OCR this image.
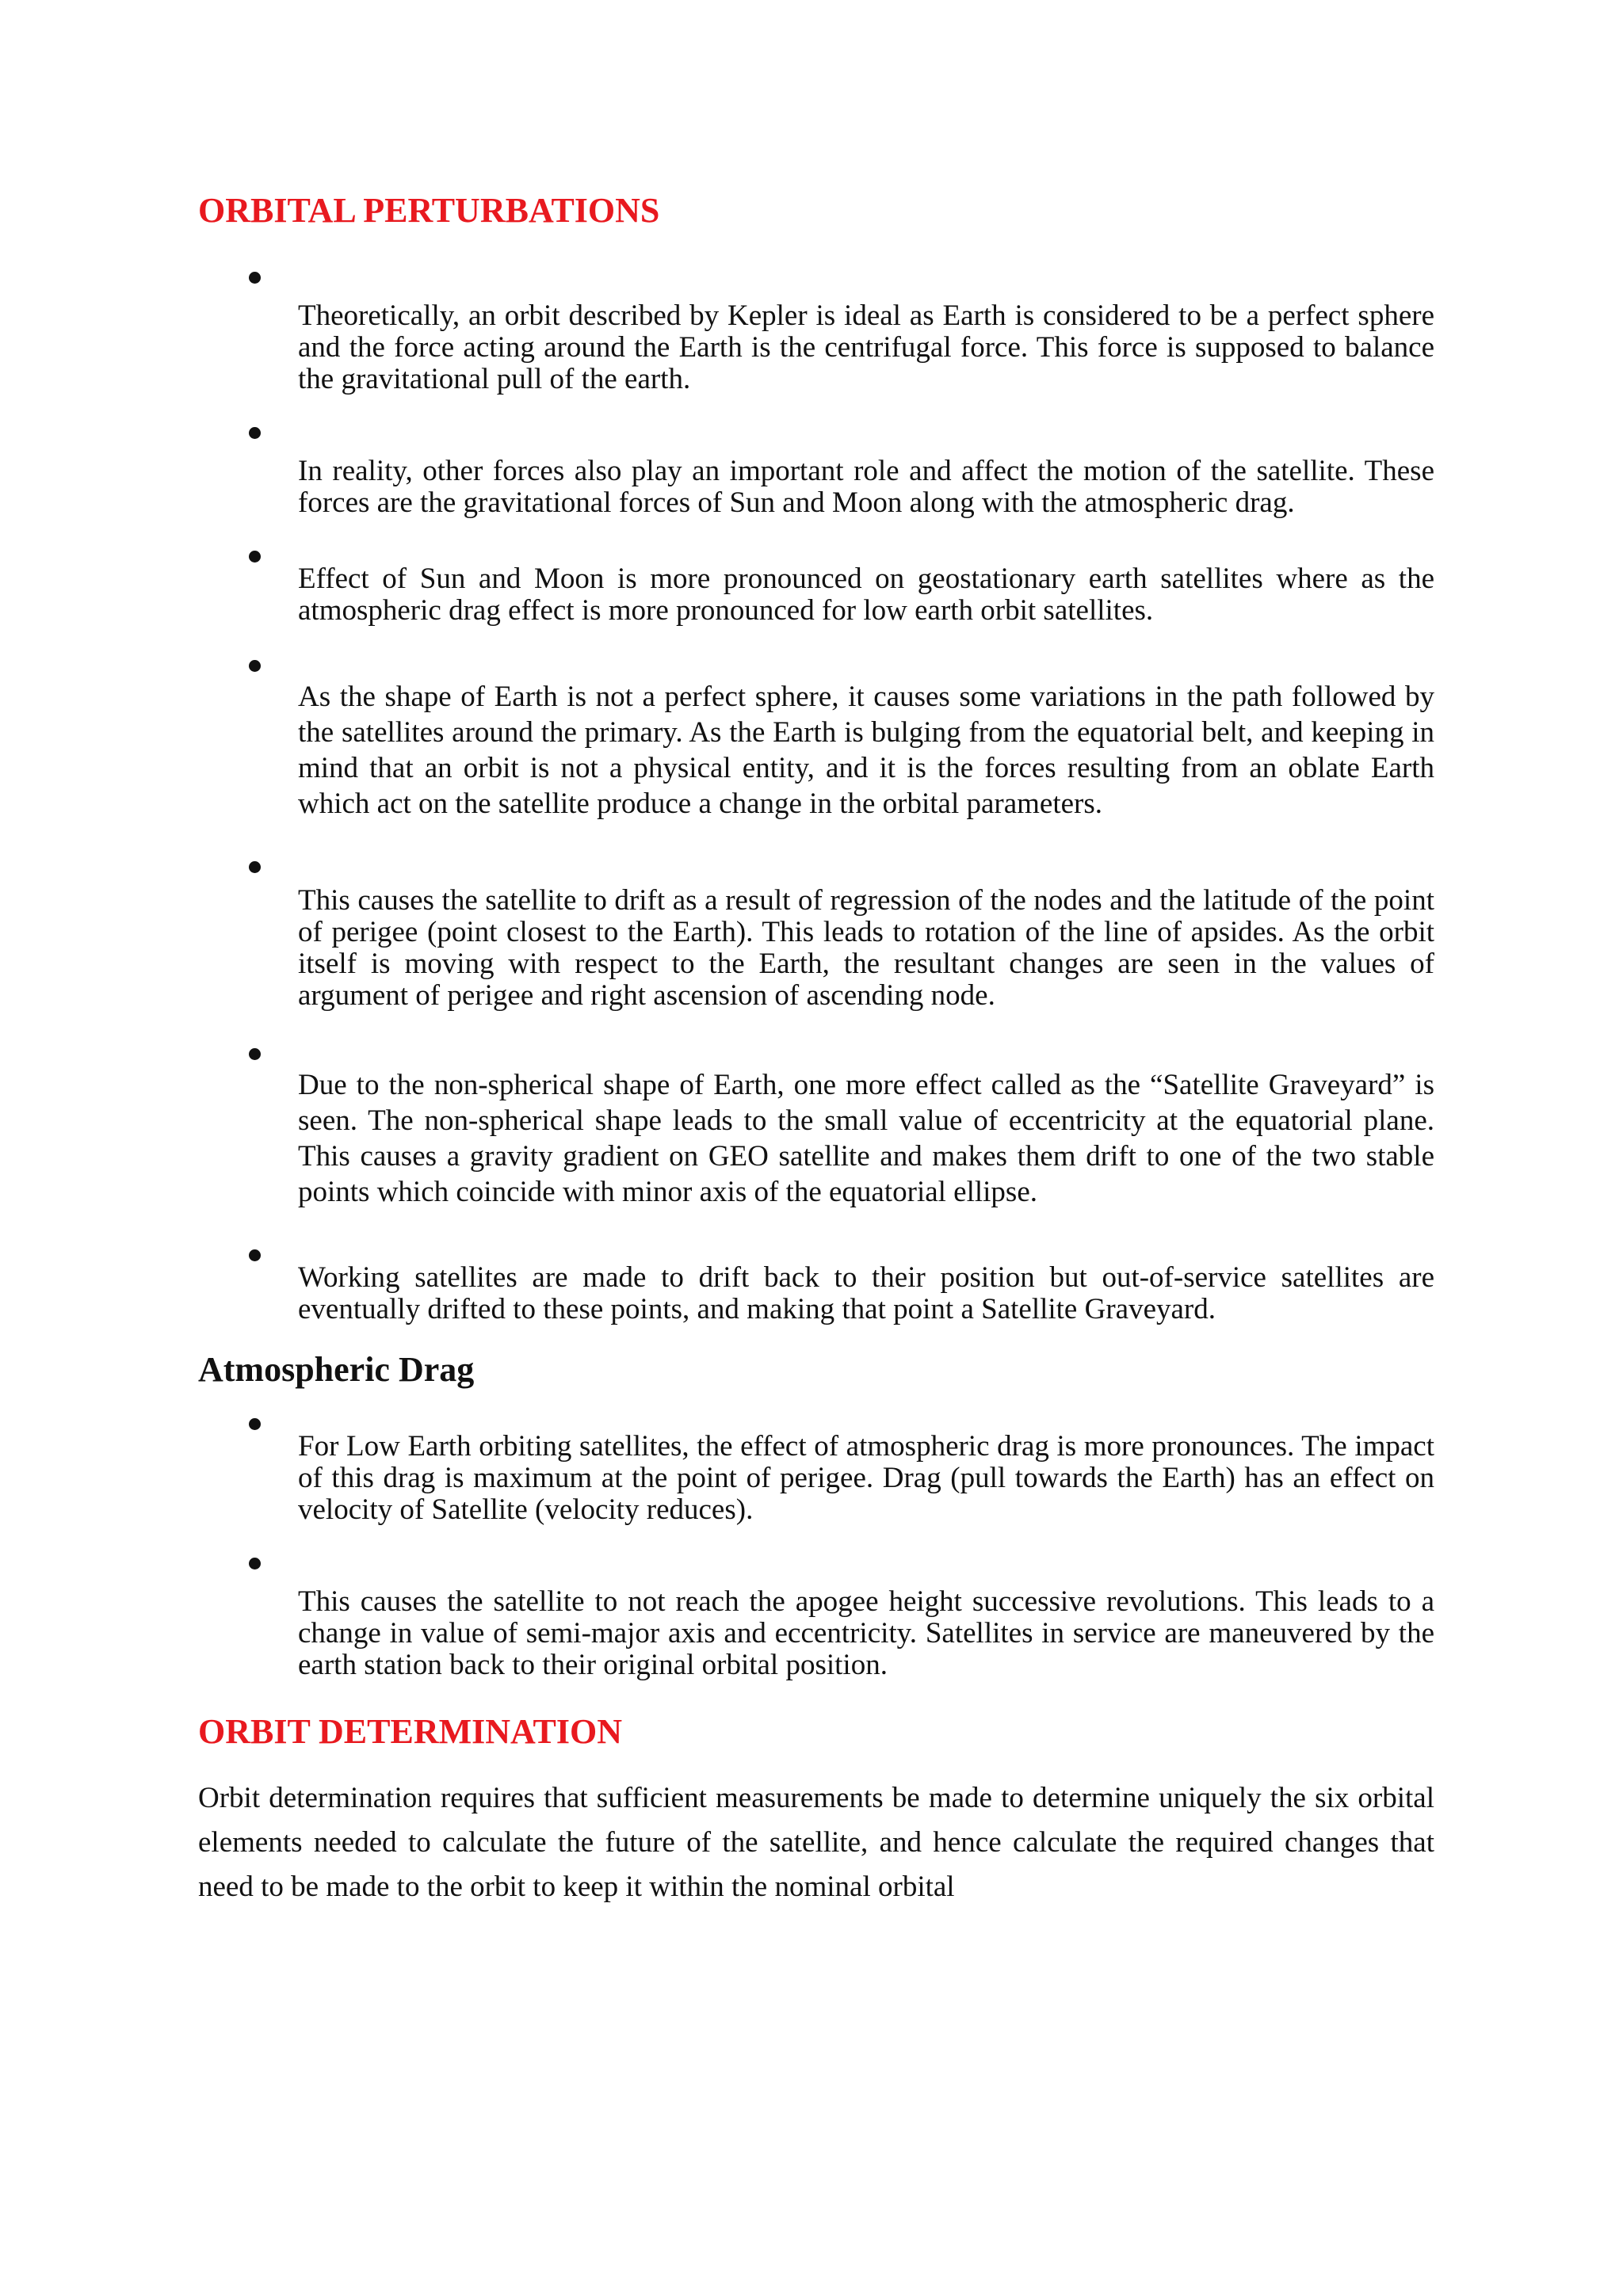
ORBITAL PERTURBATIONS
Theoretically, an orbit described by Kepler is ideal as Earth is considered to be a perfect sphere and the force acting around the Earth is the centrifugal force. This force is supposed to balance the gravitational pull of the earth.
In reality, other forces also play an important role and affect the motion of the satellite. These forces are the gravitational forces of Sun and Moon along with the atmospheric drag.
Effect of Sun and Moon is more pronounced on geostationary earth satellites where as the atmospheric drag effect is more pronounced for low earth orbit satellites.
As the shape of Earth is not a perfect sphere, it causes some variations in the path followed by the satellites around the primary. As the Earth is bulging from the equatorial belt, and keeping in mind that an orbit is not a physical entity, and it is the forces resulting from an oblate Earth which act on the satellite produce a change in the orbital parameters.
This causes the satellite to drift as a result of regression of the nodes and the latitude of the point of perigee (point closest to the Earth). This leads to rotation of the line of apsides. As the orbit itself is moving with respect to the Earth, the resultant changes are seen in the values of argument of perigee and right ascension of ascending node.
Due to the non-spherical shape of Earth, one more effect called as the “Satellite Graveyard” is seen. The non-spherical shape leads to the small value of eccentricity at the equatorial plane. This causes a gravity gradient on GEO satellite and makes them drift to one of the two stable points which coincide with minor axis of the equatorial ellipse.
Working satellites are made to drift back to their position but out-of-service satellites are eventually drifted to these points, and making that point a Satellite Graveyard.
Atmospheric Drag
For Low Earth orbiting satellites, the effect of atmospheric drag is more pronounces. The impact of this drag is maximum at the point of perigee. Drag (pull towards the Earth) has an effect on velocity of Satellite (velocity reduces).
This causes the satellite to not reach the apogee height successive revolutions. This leads to a change in value of semi-major axis and eccentricity. Satellites in service are maneuvered by the earth station back to their original orbital position.
ORBIT DETERMINATION

Orbit determination requires that sufficient measurements be made to determine uniquely the six orbital elements needed to calculate the future of the satellite, and hence calculate the required changes that need to be made to the orbit to keep it within the nominal orbital
